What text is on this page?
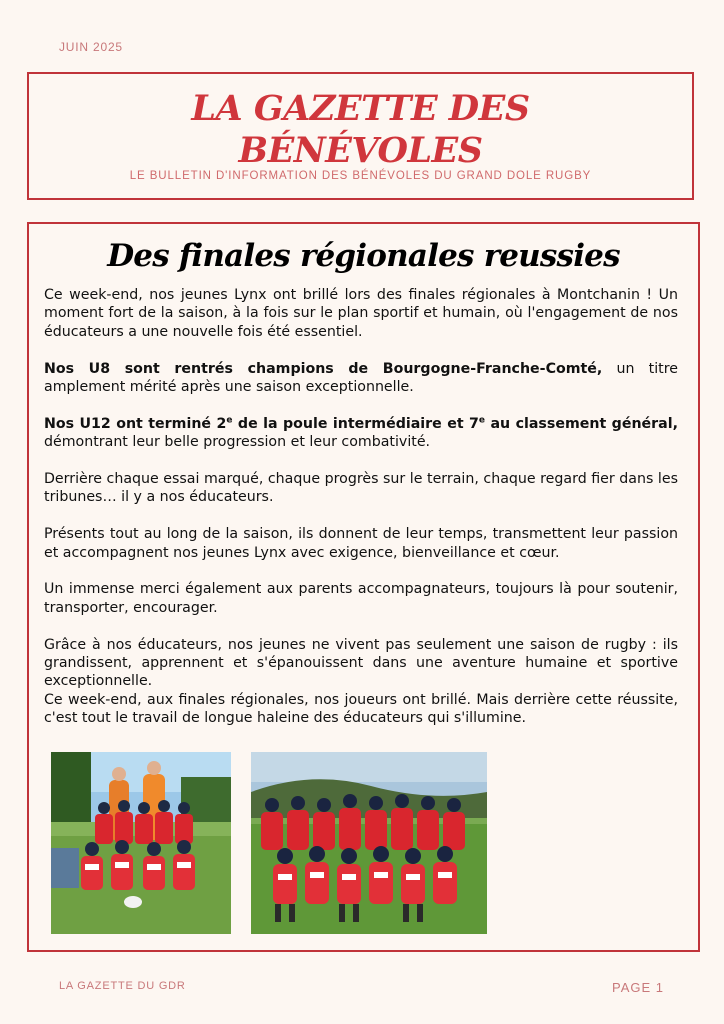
JUIN 2025
LA GAZETTE DES
BÉNÉVOLES
LE BULLETIN D'INFORMATION DES BÉNÉVOLES DU GRAND DOLE RUGBY
Des finales régionales reussies

Ce week-end, nos jeunes Lynx ont brillé lors des finales régionales à Montchanin ! Un moment fort de la saison, à la fois sur le plan sportif et humain, où l'engagement de nos éducateurs a une nouvelle fois été essentiel.

Nos U8 sont rentrés champions de Bourgogne-Franche-Comté, un titre amplement mérité après une saison exceptionnelle.

Nos U12 ont terminé 2e de la poule intermédiaire et 7e au classement général, démontrant leur belle progression et leur combativité.

Derrière chaque essai marqué, chaque progrès sur le terrain, chaque regard fier dans les tribunes… il y a nos éducateurs.

Présents tout au long de la saison, ils donnent de leur temps, transmettent leur passion et accompagnent nos jeunes Lynx avec exigence, bienveillance et cœur.

Un immense merci également aux parents accompagnateurs, toujours là pour soutenir, transporter, encourager.

Grâce à nos éducateurs, nos jeunes ne vivent pas seulement une saison de rugby : ils grandissent, apprennent et s'épanouissent dans une aventure humaine et sportive exceptionnelle.

Ce week-end, aux finales régionales, nos joueurs ont brillé. Mais derrière cette réussite, c'est tout le travail de longue haleine des éducateurs qui s'illumine.

LA GAZETTE DU GDR	PAGE 1
